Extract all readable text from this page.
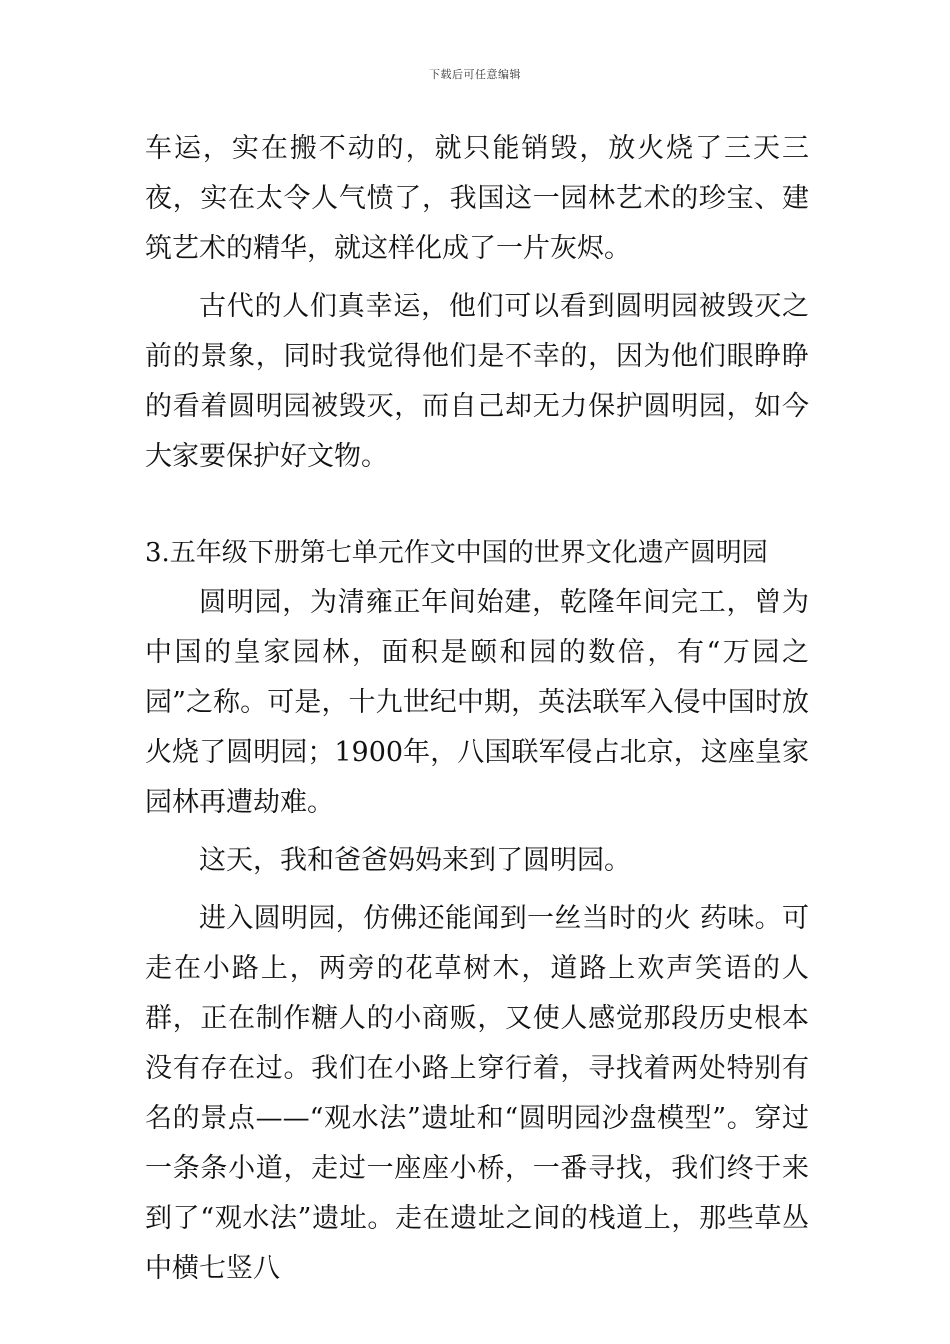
下载后可任意编辑

车运，实在搬不动的，就只能销毁，放火烧了三天三夜，实在太令人气愤了，我国这一园林艺术的珍宝、建筑艺术的精华，就这样化成了一片灰烬。

古代的人们真幸运，他们可以看到圆明园被毁灭之前的景象，同时我觉得他们是不幸的，因为他们眼睁睁的看着圆明园被毁灭，而自己却无力保护圆明园，如今大家要保护好文物。

3.五年级下册第七单元作文中国的世界文化遗产圆明园

圆明园，为清雍正年间始建，乾隆年间完工，曾为中国的皇家园林，面积是颐和园的数倍，有“万园之园”之称。可是，十九世纪中期，英法联军入侵中国时放火烧了圆明园；1900年，八国联军侵占北京，这座皇家园林再遭劫难。

这天，我和爸爸妈妈来到了圆明园。

进入圆明园，仿佛还能闻到一丝当时的火 药味。可走在小路上，两旁的花草树木，道路上欢声笑语的人群，正在制作糖人的小商贩，又使人感觉那段历史根本没有存在过。我们在小路上穿行着，寻找着两处特别有名的景点——“观水法”遗址和“圆明园沙盘模型”。穿过一条条小道，走过一座座小桥，一番寻找，我们终于来到了“观水法”遗址。走在遗址之间的栈道上，那些草丛中横七竖八
